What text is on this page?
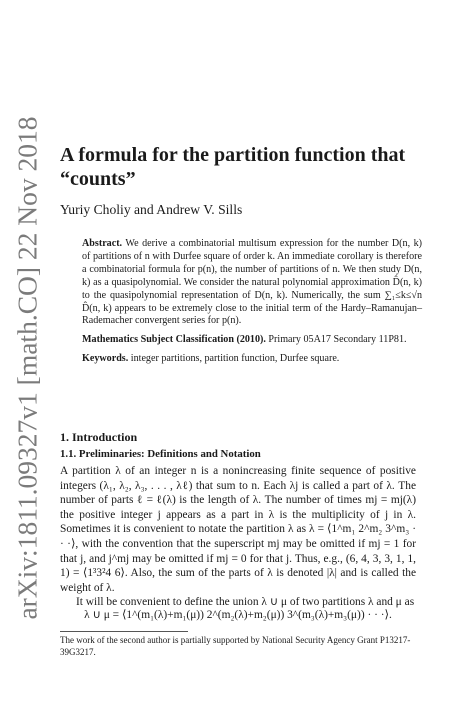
arXiv:1811.09327v1 [math.CO] 22 Nov 2018 A formula for the partition function that “counts”
Yuriy Choliy and Andrew V. Sills

Abstract. We derive a combinatorial multisum expression for the number D(n, k) of partitions of n with Durfee square of order k. An immediate corollary is therefore a combinatorial formula for p(n), the number of partitions of n. We then study D(n, k) as a quasipolynomial. We consider the natural polynomial approximation D̂(n, k) to the quasipolynomial representation of D(n, k). Numerically, the sum ∑₁≤k≤√n D̂(n, k) appears to be extremely close to the initial term of the Hardy–Ramanujan–Rademacher convergent series for p(n).

Mathematics Subject Classification (2010). Primary 05A17 Secondary 11P81.

Keywords. integer partitions, partition function, Durfee square.

1. Introduction
1.1. Preliminaries: Definitions and Notation

A partition λ of an integer n is a nonincreasing finite sequence of positive integers (λ₁, λ₂, λ₃, . . . , λℓ) that sum to n. Each λj is called a part of λ. The number of parts ℓ = ℓ(λ) is the length of λ. The number of times mj = mj(λ) the positive integer j appears as a part in λ is the multiplicity of j in λ. Sometimes it is convenient to notate the partition λ as λ = ⟨1^m₁ 2^m₂ 3^m₃ · · ·⟩, with the convention that the superscript mj may be omitted if mj = 1 for that j, and j^mj may be omitted if mj = 0 for that j. Thus, e.g., (6, 4, 3, 3, 1, 1, 1) = ⟨1³3²4 6⟩. Also, the sum of the parts of λ is denoted |λ| and is called the weight of λ.

It will be convenient to define the union λ ∪ μ of two partitions λ and μ as

λ ∪ μ = ⟨1^(m₁(λ)+m₁(μ)) 2^(m₂(λ)+m₂(μ)) 3^(m₃(λ)+m₃(μ)) · · ·⟩.
The work of the second author is partially supported by National Security Agency Grant P13217-39G3217.
